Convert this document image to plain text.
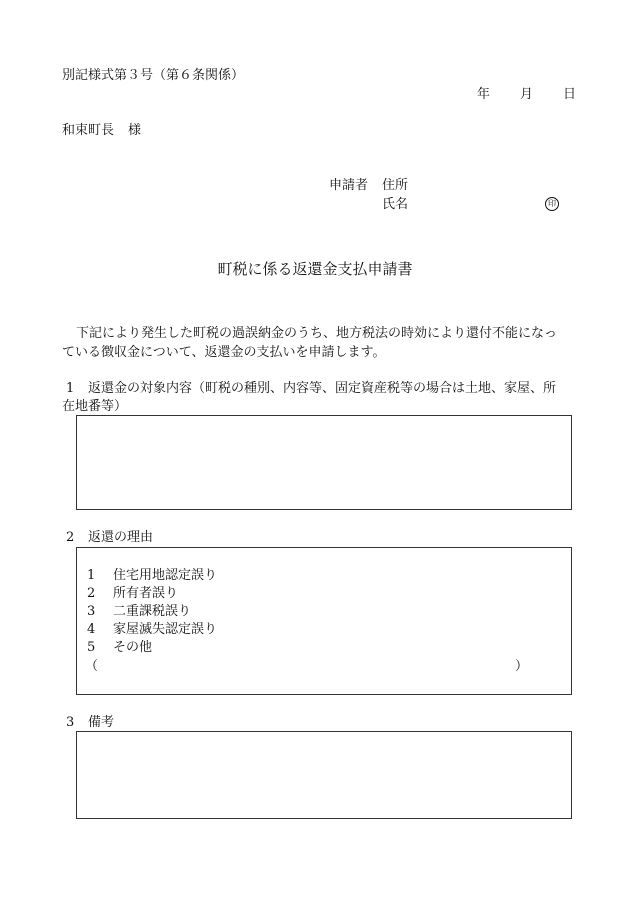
別記様式第３号（第６条関係）
年 月 日
和束町長 様
申請者 住所
氏名	印
町税に係る返還金支払申請書
下記により発生した町税の過誤納金のうち、地方税法の時効により還付不能になっ
ている徴収金について、返還金の支払いを申請します。
1 返還金の対象内容（町税の種別、内容等、固定資産税等の場合は土地、家屋、所
在地番等）
2 返還の理由
1 住宅用地認定誤り
2 所有者誤り
3 二重課税誤り
4 家屋滅失認定誤り
5 その他
（	）
3 備考
